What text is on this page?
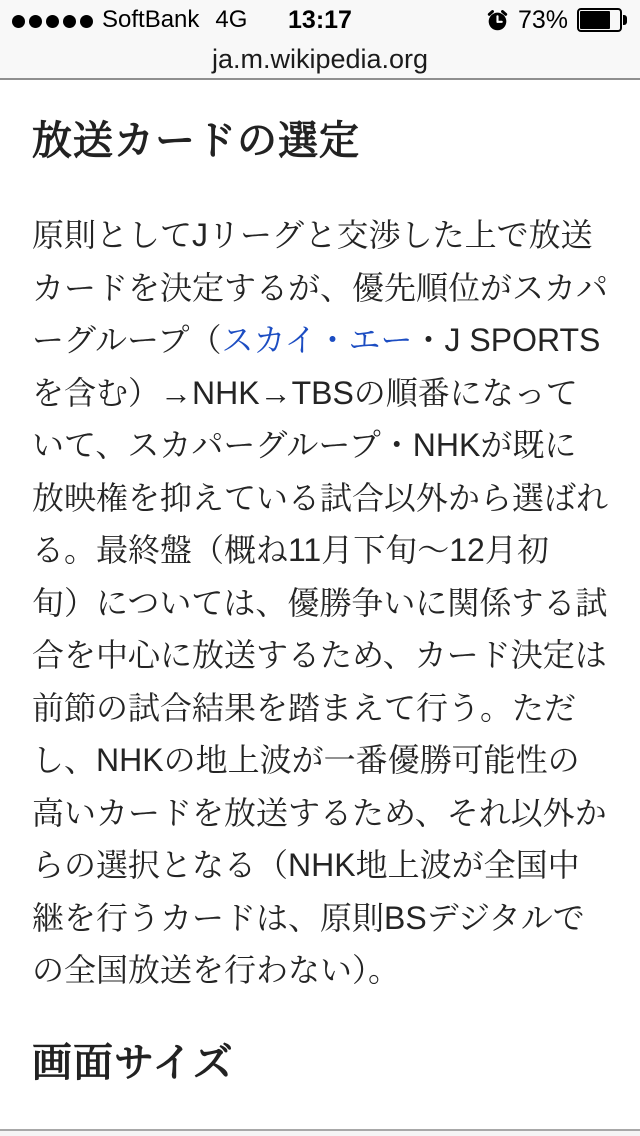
SoftBank 4G 13:17	73%
ja.m.wikipedia.org
放送カードの選定
原則としてJリーグと交渉した上で放送
カードを決定するが、優先順位がスカパ
ーグループ（スカイ・エー・J SPORTS
を含む）→NHK→TBSの順番になって
いて、スカパーグループ・NHKが既に
放映権を抑えている試合以外から選ばれ
る。最終盤（概ね11月下旬〜12月初
旬）については、優勝争いに関係する試
合を中心に放送するため、カード決定は
前節の試合結果を踏まえて行う。ただ
し、NHKの地上波が一番優勝可能性の
高いカードを放送するため、それ以外か
らの選択となる（NHK地上波が全国中
継を行うカードは、原則BSデジタルで
の全国放送を行わない）。
画面サイズ
